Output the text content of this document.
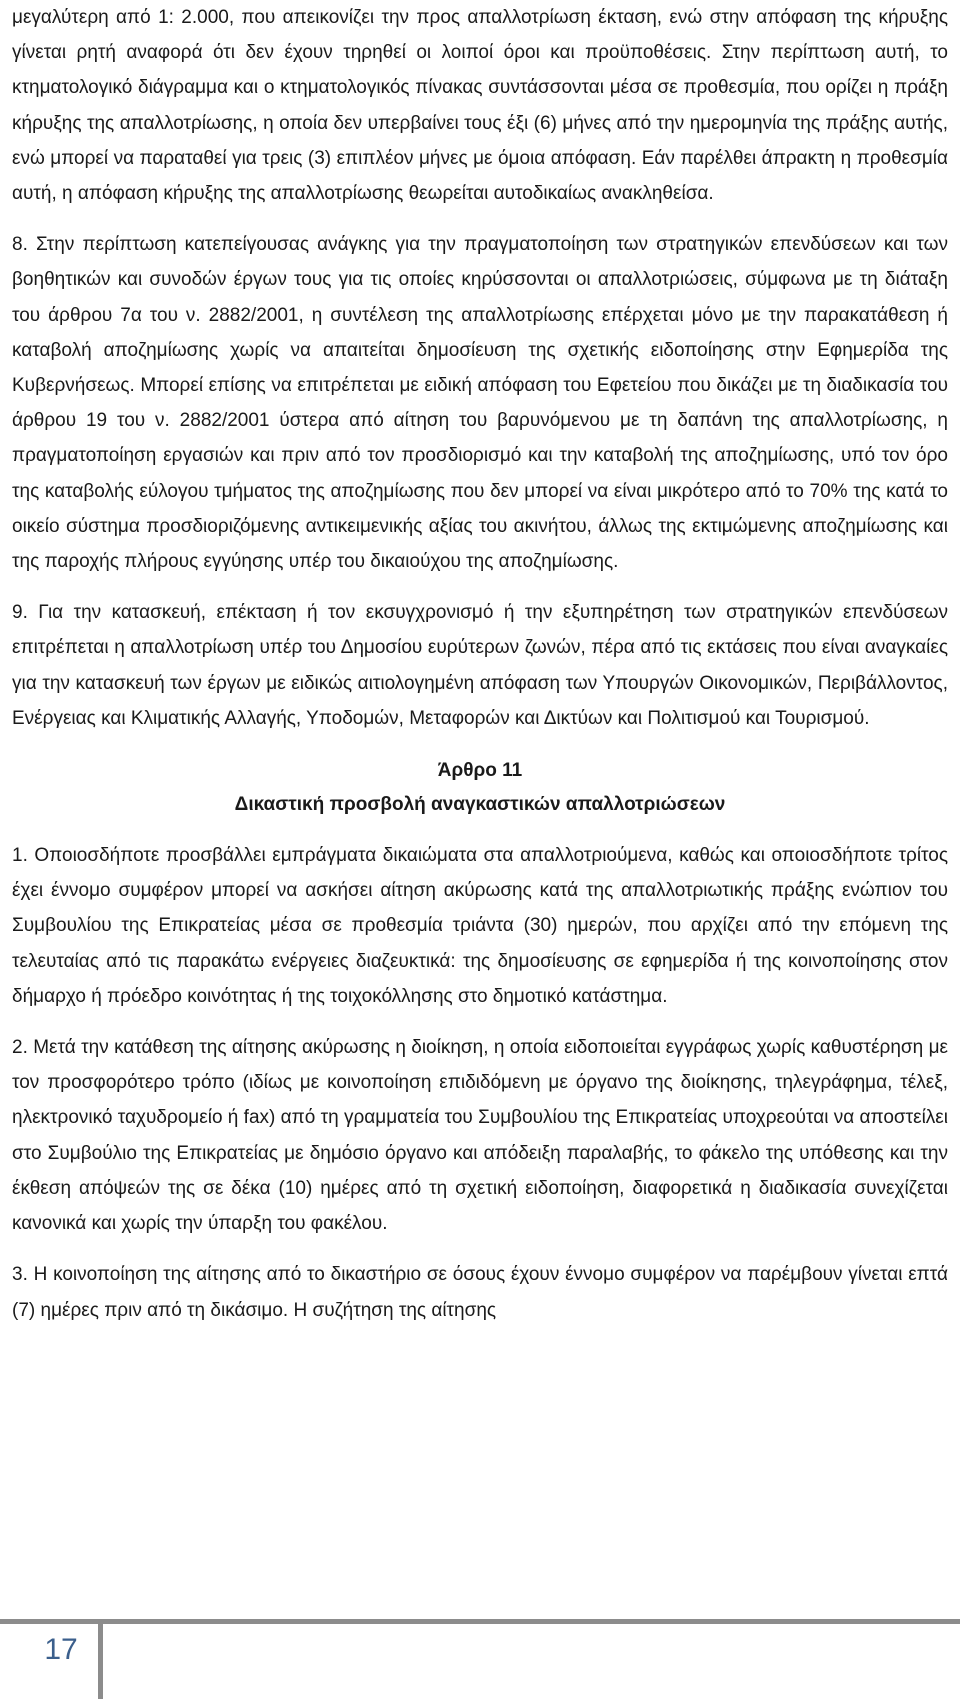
μεγαλύτερη από 1: 2.000, που απεικονίζει την προς απαλλοτρίωση έκταση, ενώ στην απόφαση της κήρυξης γίνεται ρητή αναφορά ότι δεν έχουν τηρηθεί οι λοιποί όροι και προϋποθέσεις. Στην περίπτωση αυτή, το κτηματολογικό διάγραμμα και ο κτηματολογικός πίνακας συντάσσονται μέσα σε προθεσμία, που ορίζει η πράξη κήρυξης της απαλλοτρίωσης, η οποία δεν υπερβαίνει τους έξι (6) μήνες από την ημερομηνία της πράξης αυτής, ενώ μπορεί να παραταθεί για τρεις (3) επιπλέον μήνες με όμοια απόφαση. Εάν παρέλθει άπρακτη η προθεσμία αυτή, η απόφαση κήρυξης της απαλλοτρίωσης θεωρείται αυτοδικαίως ανακληθείσα.

8. Στην περίπτωση κατεπείγουσας ανάγκης για την πραγματοποίηση των στρατηγικών επενδύσεων και των βοηθητικών και συνοδών έργων τους για τις οποίες κηρύσσονται οι απαλλοτριώσεις, σύμφωνα με τη διάταξη του άρθρου 7α του ν. 2882/2001, η συντέλεση της απαλλοτρίωσης επέρχεται μόνο με την παρακατάθεση ή καταβολή αποζημίωσης χωρίς να απαιτείται δημοσίευση της σχετικής ειδοποίησης στην Εφημερίδα της Κυβερνήσεως. Μπορεί επίσης να επιτρέπεται με ειδική απόφαση του Εφετείου που δικάζει με τη διαδικασία του άρθρου 19 του ν. 2882/2001 ύστερα από αίτηση του βαρυνόμενου με τη δαπάνη της απαλλοτρίωσης, η πραγματοποίηση εργασιών και πριν από τον προσδιορισμό και την καταβολή της αποζημίωσης, υπό τον όρο της καταβολής εύλογου τμήματος της αποζημίωσης που δεν μπορεί να είναι μικρότερο από το 70% της κατά το οικείο σύστημα προσδιοριζόμενης αντικειμενικής αξίας του ακινήτου, άλλως της εκτιμώμενης αποζημίωσης και της παροχής πλήρους εγγύησης υπέρ του δικαιούχου της αποζημίωσης.

9. Για την κατασκευή, επέκταση ή τον εκσυγχρονισμό ή την εξυπηρέτηση των στρατηγικών επενδύσεων επιτρέπεται η απαλλοτρίωση υπέρ του Δημοσίου ευρύτερων ζωνών, πέρα από τις εκτάσεις που είναι αναγκαίες για την κατασκευή των έργων με ειδικώς αιτιολογημένη απόφαση των Υπουργών Οικονομικών, Περιβάλλοντος, Ενέργειας και Κλιματικής Αλλαγής, Υποδομών, Μεταφορών και Δικτύων και Πολιτισμού και Τουρισμού.

Άρθρο 11

Δικαστική προσβολή αναγκαστικών απαλλοτριώσεων

1. Οποιοσδήποτε προσβάλλει εμπράγματα δικαιώματα στα απαλλοτριούμενα, καθώς και οποιοσδήποτε τρίτος έχει έννομο συμφέρον μπορεί να ασκήσει αίτηση ακύρωσης κατά της απαλλοτριωτικής πράξης ενώπιον του Συμβουλίου της Επικρατείας μέσα σε προθεσμία τριάντα (30) ημερών, που αρχίζει από την επόμενη της τελευταίας από τις παρακάτω ενέργειες διαζευκτικά: της δημοσίευσης σε εφημερίδα ή της κοινοποίησης στον δήμαρχο ή πρόεδρο κοινότητας ή της τοιχοκόλλησης στο δημοτικό κατάστημα.

2. Μετά την κατάθεση της αίτησης ακύρωσης η διοίκηση, η οποία ειδοποιείται εγγράφως χωρίς καθυστέρηση με τον προσφορότερο τρόπο (ιδίως με κοινοποίηση επιδιδόμενη με όργανο της διοίκησης, τηλεγράφημα, τέλεξ, ηλεκτρονικό ταχυδρομείο ή fax) από τη γραμματεία του Συμβουλίου της Επικρατείας υποχρεούται να αποστείλει στο Συμβούλιο της Επικρατείας με δημόσιο όργανο και απόδειξη παραλαβής, το φάκελο της υπόθεσης και την έκθεση απόψεών της σε δέκα (10) ημέρες από τη σχετική ειδοποίηση, διαφορετικά η διαδικασία συνεχίζεται κανονικά και χωρίς την ύπαρξη του φακέλου.

3. Η κοινοποίηση της αίτησης από το δικαστήριο σε όσους έχουν έννομο συμφέρον να παρέμβουν γίνεται επτά (7) ημέρες πριν από τη δικάσιμο. Η συζήτηση της αίτησης

17
